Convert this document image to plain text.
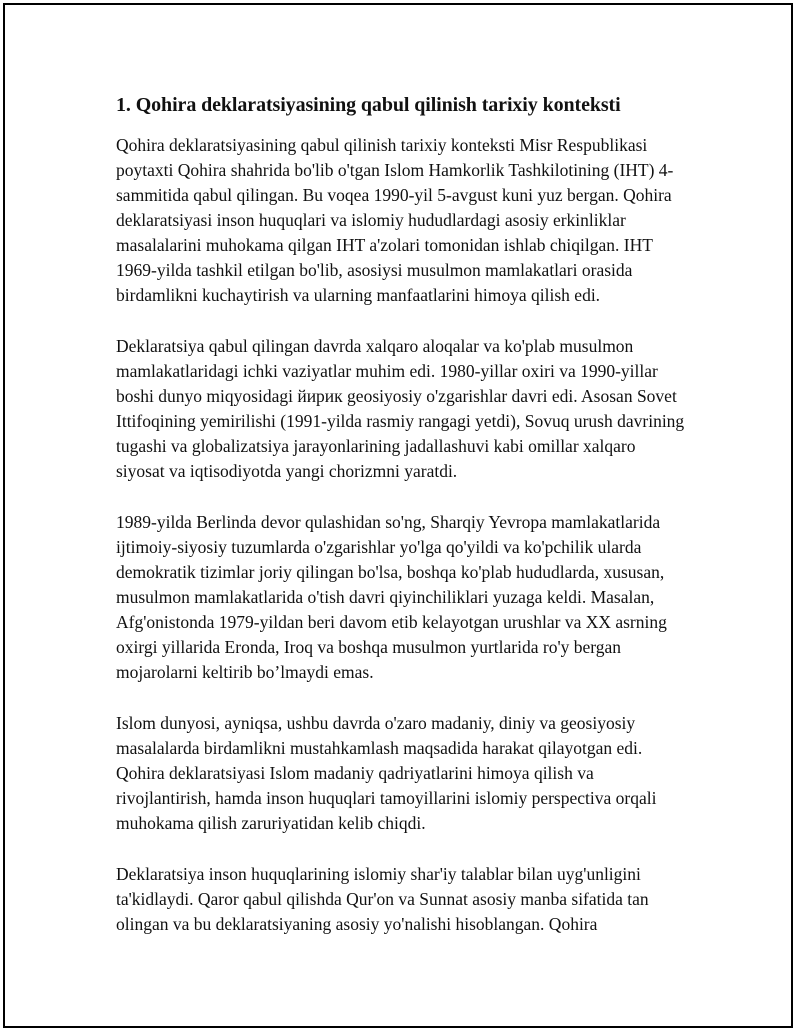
1. Qohira deklaratsiyasining qabul qilinish tarixiy konteksti

Qohira deklaratsiyasining qabul qilinish tarixiy konteksti Misr Respublikasi poytaxti Qohira shahrida bo'lib o'tgan Islom Hamkorlik Tashkilotining (IHT) 4-sammitida qabul qilingan. Bu voqea 1990-yil 5-avgust kuni yuz bergan. Qohira deklaratsiyasi inson huquqlari va islomiy hududlardagi asosiy erkinliklar masalalarini muhokama qilgan IHT a'zolari tomonidan ishlab chiqilgan. IHT 1969-yilda tashkil etilgan bo'lib, asosiysi musulmon mamlakatlari orasida birdamlikni kuchaytirish va ularning manfaatlarini himoya qilish edi.

Deklaratsiya qabul qilingan davrda xalqaro aloqalar va ko'plab musulmon mamlakatlaridagi ichki vaziyatlar muhim edi. 1980-yillar oxiri va 1990-yillar boshi dunyo miqyosidagi йирик geosiyosiy o'zgarishlar davri edi. Asosan Sovet Ittifoqining yemirilishi (1991-yilda rasmiy rangagi yetdi), Sovuq urush davrining tugashi va globalizatsiya jarayonlarining jadallashuvi kabi omillar xalqaro siyosat va iqtisodiyotda yangi chorizmni yaratdi.

1989-yilda Berlinda devor qulashidan so'ng, Sharqiy Yevropa mamlakatlarida ijtimoiy-siyosiy tuzumlarda o'zgarishlar yo'lga qo'yildi va ko'pchilik ularda demokratik tizimlar joriy qilingan bo'lsa, boshqa ko'plab hududlarda, xususan, musulmon mamlakatlarida o'tish davri qiyinchiliklari yuzaga keldi. Masalan, Afg'onistonda 1979-yildan beri davom etib kelayotgan urushlar va XX asrning oxirgi yillarida Eronda, Iroq va boshqa musulmon yurtlarida ro'y bergan mojarolarni keltirib bo’lmaydi emas.

Islom dunyosi, ayniqsa, ushbu davrda o'zaro madaniy, diniy va geosiyosiy masalalarda birdamlikni mustahkamlash maqsadida harakat qilayotgan edi. Qohira deklaratsiyasi Islom madaniy qadriyatlarini himoya qilish va rivojlantirish, hamda inson huquqlari tamoyillarini islomiy perspectiva orqali muhokama qilish zaruriyatidan kelib chiqdi.

Deklaratsiya inson huquqlarining islomiy shar'iy talablar bilan uyg'unligini ta'kidlaydi. Qaror qabul qilishda Qur'on va Sunnat asosiy manba sifatida tan olingan va bu deklaratsiyaning asosiy yo'nalishi hisoblangan. Qohira
